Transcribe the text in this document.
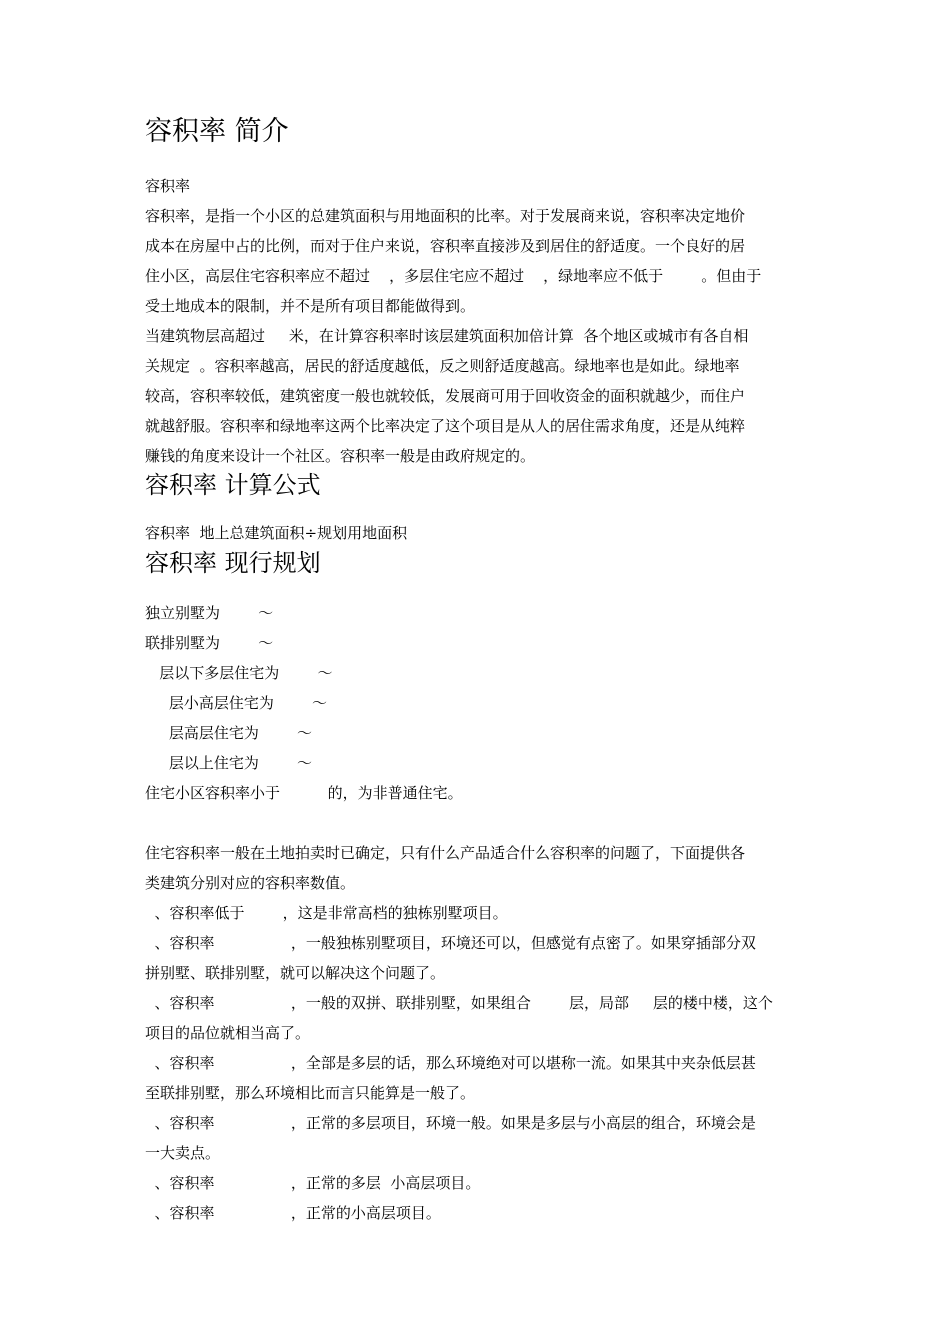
容积率 简介

容积率

容积率，是指一个小区的总建筑面积与用地面积的比率。对于发展商来说，容积率决定地价

成本在房屋中占的比例，而对于住户来说，容积率直接涉及到居住的舒适度。一个良好的居

住小区，高层住宅容积率应不超过    ，多层住宅应不超过    ，绿地率应不低于        。但由于

受土地成本的限制，并不是所有项目都能做得到。

当建筑物层高超过     米，在计算容积率时该层建筑面积加倍计算  各个地区或城市有各自相

关规定  。容积率越高，居民的舒适度越低，反之则舒适度越高。绿地率也是如此。绿地率

较高，容积率较低，建筑密度一般也就较低，发展商可用于回收资金的面积就越少，而住户

就越舒服。容积率和绿地率这两个比率决定了这个项目是从人的居住需求角度，还是从纯粹

赚钱的角度来设计一个社区。容积率一般是由政府规定的。

容积率 计算公式

容积率  地上总建筑面积÷规划用地面积

容积率 现行规划

独立别墅为        ～

联排别墅为        ～

层以下多层住宅为        ～

层小高层住宅为        ～

层高层住宅为        ～

层以上住宅为        ～

住宅小区容积率小于          的，为非普通住宅。

住宅容积率一般在土地拍卖时已确定，只有什么产品适合什么容积率的问题了，下面提供各

类建筑分别对应的容积率数值。

、容积率低于        ，这是非常高档的独栋别墅项目。

、容积率                ，一般独栋别墅项目，环境还可以，但感觉有点密了。如果穿插部分双

拼别墅、联排别墅，就可以解决这个问题了。

、容积率                ，一般的双拼、联排别墅，如果组合        层，局部     层的楼中楼，这个

项目的品位就相当高了。

、容积率                ，全部是多层的话，那么环境绝对可以堪称一流。如果其中夹杂低层甚

至联排别墅，那么环境相比而言只能算是一般了。

、容积率                ，正常的多层项目，环境一般。如果是多层与小高层的组合，环境会是

一大卖点。

、容积率                ，正常的多层  小高层项目。

、容积率                ，正常的小高层项目。
